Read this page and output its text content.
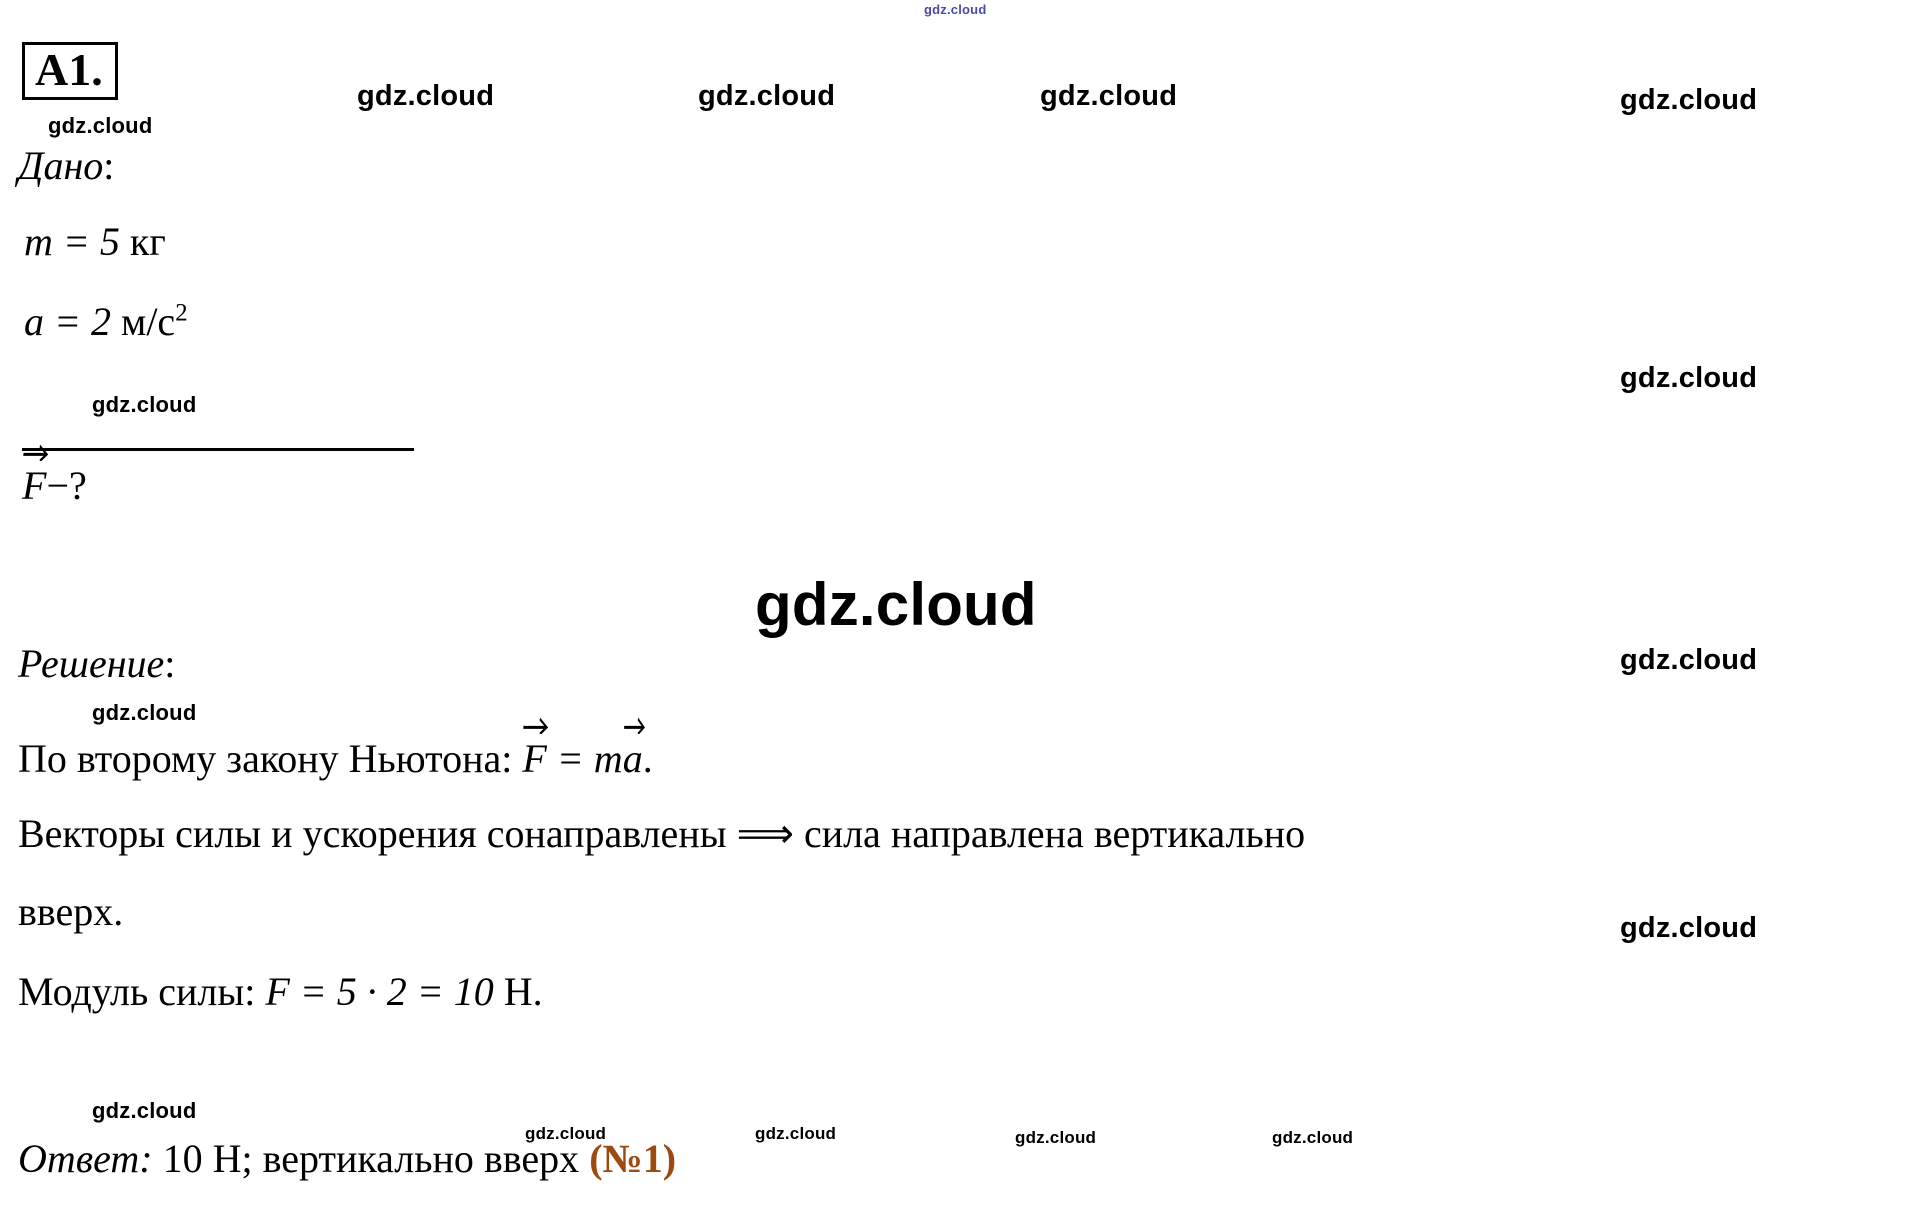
gdz.cloud
A1.
gdz.cloud
gdz.cloud	gdz.cloud	gdz.cloud	gdz.cloud
gdz.cloud
gdz.cloud
gdz.cloud
gdz.cloud
gdz.cloud
gdz.cloud
gdz.cloud
gdz.cloud	gdz.cloud	gdz.cloud	gdz.cloud
Дано:
m = 5 кг
a = 2 $м/с^2$
F−?
Решение:
По второму закону Ньютона:
F = m
a.
Векторы силы и ускорения сонаправлены ⟹ сила направлена вертикально
вверх.
Модуль силы: F = 5 · 2 = 10 Н.
Ответ: 10 Н; вертикально вверх (№1)
